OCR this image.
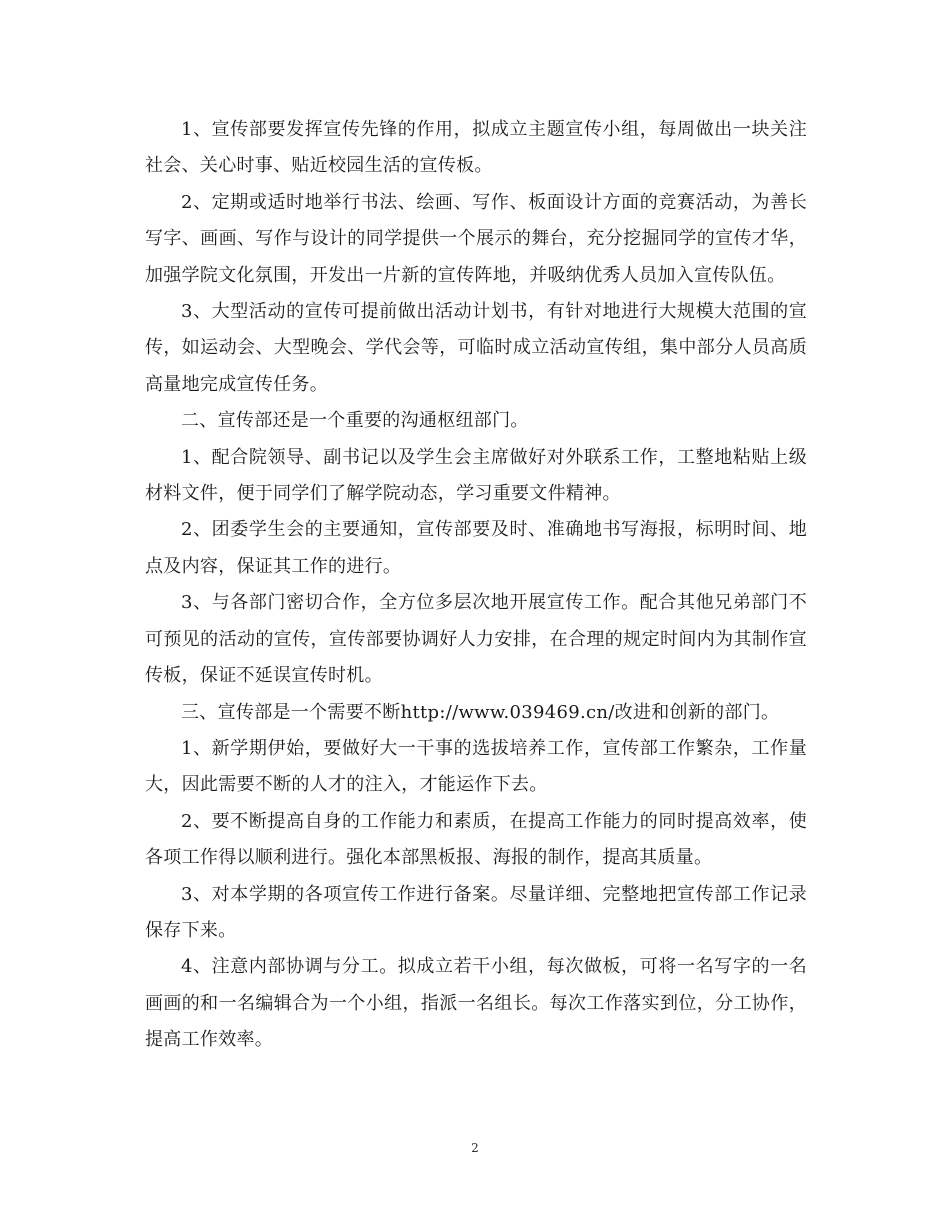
1、宣传部要发挥宣传先锋的作用，拟成立主题宣传小组，每周做出一块关注社会、关心时事、贴近校园生活的宣传板。

2、定期或适时地举行书法、绘画、写作、板面设计方面的竞赛活动，为善长写字、画画、写作与设计的同学提供一个展示的舞台，充分挖掘同学的宣传才华，加强学院文化氛围，开发出一片新的宣传阵地，并吸纳优秀人员加入宣传队伍。

3、大型活动的宣传可提前做出活动计划书，有针对地进行大规模大范围的宣传，如运动会、大型晚会、学代会等，可临时成立活动宣传组，集中部分人员高质高量地完成宣传任务。

二、宣传部还是一个重要的沟通枢纽部门。

1、配合院领导、副书记以及学生会主席做好对外联系工作，工整地粘贴上级材料文件，便于同学们了解学院动态，学习重要文件精神。

2、团委学生会的主要通知，宣传部要及时、准确地书写海报，标明时间、地点及内容，保证其工作的进行。

3、与各部门密切合作，全方位多层次地开展宣传工作。配合其他兄弟部门不可预见的活动的宣传，宣传部要协调好人力安排，在合理的规定时间内为其制作宣传板，保证不延误宣传时机。

三、宣传部是一个需要不断http://www.039469.cn/改进和创新的部门。

1、新学期伊始，要做好大一干事的选拔培养工作，宣传部工作繁杂，工作量大，因此需要不断的人才的注入，才能运作下去。

2、要不断提高自身的工作能力和素质，在提高工作能力的同时提高效率，使各项工作得以顺利进行。强化本部黑板报、海报的制作，提高其质量。

3、对本学期的各项宣传工作进行备案。尽量详细、完整地把宣传部工作记录保存下来。

4、注意内部协调与分工。拟成立若干小组，每次做板，可将一名写字的一名画画的和一名编辑合为一个小组，指派一名组长。每次工作落实到位，分工协作，提高工作效率。

2
